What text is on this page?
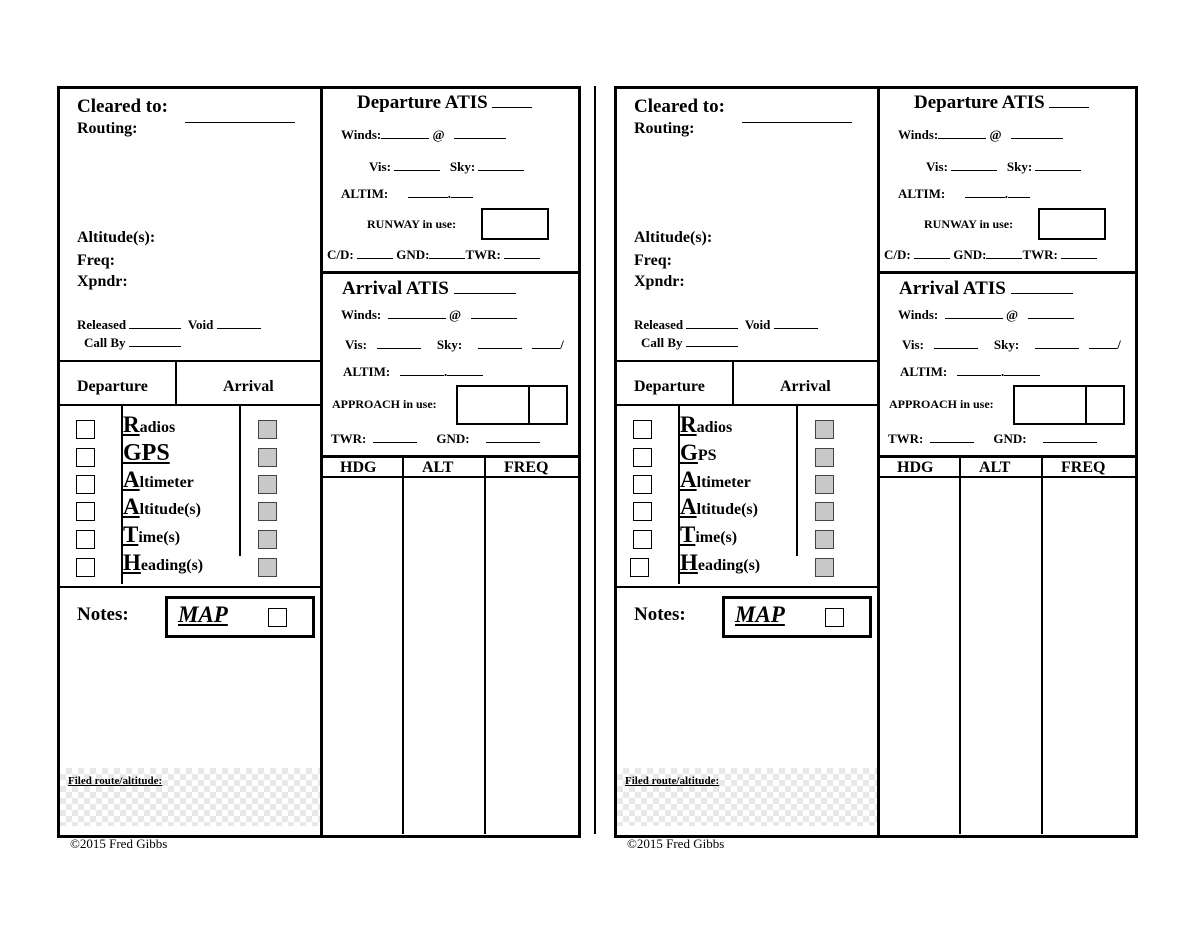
Cleared to:
Routing:
Altitude(s):
Freq:
Xpndr:
Released	Void
Call By
Departure	Arrival
Radios
GPS
Altimeter
Altitude(s)
Time(s)
Heading(s)
Notes: MAP
Filed route/altitude:
Departure ATIS
Winds:	@
Vis:	Sky:
ALTIM:	.
RUNWAY in use:
C/D:	GND:	TWR:
Arrival ATIS
Winds:	@
Vis:	Sky:	/
ALTIM:	.
APPROACH in use:
TWR:	GND:
HDG	ALT	FREQ
Cleared to:
Routing:
Altitude(s):
Freq:
Xpndr:
Released	Void
Call By
Departure	Arrival
Radios
GPS
Altimeter
Altitude(s)
Time(s)
Heading(s)
Notes: MAP
Filed route/altitude:
Departure ATIS
Winds:	@
Vis:	Sky:
ALTIM:	.
RUNWAY in use:
C/D:	GND:	TWR:
Arrival ATIS
Winds:	@
Vis:	Sky:	/
ALTIM:	.
APPROACH in use:
TWR:	GND:
HDG	ALT	FREQ
©2015 Fred Gibbs	©2015 Fred Gibbs
